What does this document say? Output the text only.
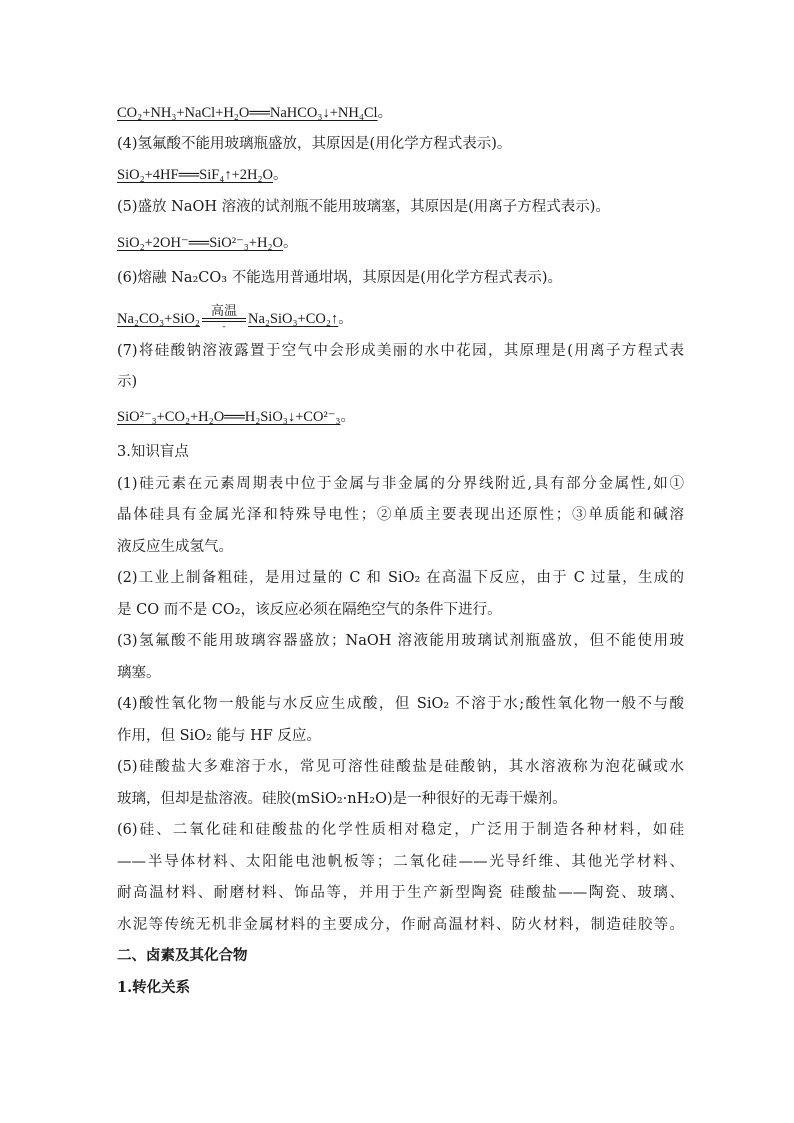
CO₂+NH₃+NaCl+H₂O══NaHCO₃↓+NH₄Cl。
(4)氢氟酸不能用玻璃瓶盛放，其原因是(用化学方程式表示)。
SiO₂+4HF══SiF₄↑+2H₂O。
(5)盛放 NaOH 溶液的试剂瓶不能用玻璃塞，其原因是(用离子方程式表示)。
SiO₂+2OH⁻══SiO²⁻₃+H₂O。
(6)熔融 Na₂CO₃ 不能选用普通坩埚，其原因是(用化学方程式表示)。
Na₂CO₃+SiO₂
高温
-	Na₂SiO₃+CO₂↑。
(7)将硅酸钠溶液露置于空气中会形成美丽的水中花园，其原理是(用离子方程式表
示)
SiO²⁻₃+CO₂+H₂O══H₂SiO₃↓+CO²⁻₃。
3.知识盲点
(1)硅元素在元素周期表中位于金属与非金属的分界线附近,具有部分金属性,如①
晶体硅具有金属光泽和特殊导电性；②单质主要表现出还原性；③单质能和碱溶
液反应生成氢气。
(2)工业上制备粗硅，是用过量的 C 和 SiO₂ 在高温下反应，由于 C 过量，生成的
是 CO 而不是 CO₂，该反应必须在隔绝空气的条件下进行。
(3)氢氟酸不能用玻璃容器盛放；NaOH 溶液能用玻璃试剂瓶盛放，但不能使用玻
璃塞。
(4)酸性氧化物一般能与水反应生成酸，但 SiO₂ 不溶于水;酸性氧化物一般不与酸
作用，但 SiO₂ 能与 HF 反应。
(5)硅酸盐大多难溶于水，常见可溶性硅酸盐是硅酸钠，其水溶液称为泡花碱或水
玻璃，但却是盐溶液。硅胶(mSiO₂·nH₂O)是一种很好的无毒干燥剂。
(6)硅、二氧化硅和硅酸盐的化学性质相对稳定，广泛用于制造各种材料，如硅
——半导体材料、太阳能电池帆板等；二氧化硅——光导纤维、其他光学材料、
耐高温材料、耐磨材料、饰品等，并用于生产新型陶瓷 硅酸盐——陶瓷、玻璃、
水泥等传统无机非金属材料的主要成分，作耐高温材料、防火材料，制造硅胶等。
二、卤素及其化合物
1.转化关系
